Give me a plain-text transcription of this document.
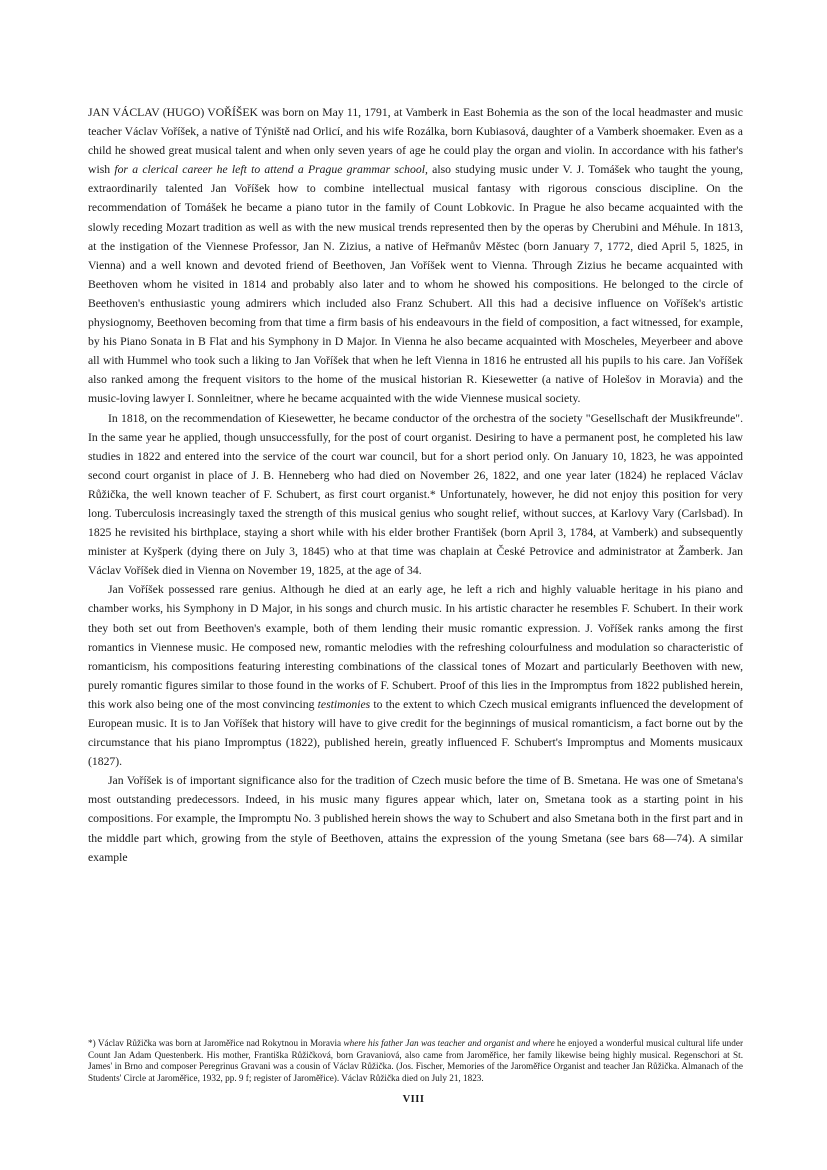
JAN VÁCLAV (HUGO) VOŘÍŠEK was born on May 11, 1791, at Vamberk in East Bohemia as the son of the local headmaster and music teacher Václav Voříšek, a native of Týniště nad Orlicí, and his wife Rozálka, born Kubiasová, daughter of a Vamberk shoemaker. Even as a child he showed great musical talent and when only seven years of age he could play the organ and violin. In accordance with his father's wish for a clerical career he left to attend a Prague grammar school, also studying music under V. J. Tomášek who taught the young, extraordinarily talented Jan Voříšek how to combine intellectual musical fantasy with rigorous conscious discipline. On the recommendation of Tomášek he became a piano tutor in the family of Count Lobkovic. In Prague he also became acquainted with the slowly receding Mozart tradition as well as with the new musical trends represented then by the operas by Cherubini and Méhule. In 1813, at the instigation of the Viennese Professor, Jan N. Zizius, a native of Heřmanův Městec (born January 7, 1772, died April 5, 1825, in Vienna) and a well known and devoted friend of Beethoven, Jan Voříšek went to Vienna. Through Zizius he became acquainted with Beethoven whom he visited in 1814 and probably also later and to whom he showed his compositions. He belonged to the circle of Beethoven's enthusiastic young admirers which included also Franz Schubert. All this had a decisive influence on Voříšek's artistic physiognomy, Beethoven becoming from that time a firm basis of his endeavours in the field of composition, a fact witnessed, for example, by his Piano Sonata in B Flat and his Symphony in D Major. In Vienna he also became acquainted with Moscheles, Meyerbeer and above all with Hummel who took such a liking to Jan Voříšek that when he left Vienna in 1816 he entrusted all his pupils to his care. Jan Voříšek also ranked among the frequent visitors to the home of the musical historian R. Kiesewetter (a native of Holešov in Moravia) and the music-loving lawyer I. Sonnleitner, where he became acquainted with the wide Viennese musical society.

In 1818, on the recommendation of Kiesewetter, he became conductor of the orchestra of the society "Gesellschaft der Musikfreunde". In the same year he applied, though unsuccessfully, for the post of court organist. Desiring to have a permanent post, he completed his law studies in 1822 and entered into the service of the court war council, but for a short period only. On January 10, 1823, he was appointed second court organist in place of J. B. Henneberg who had died on November 26, 1822, and one year later (1824) he replaced Václav Růžička, the well known teacher of F. Schubert, as first court organist.* Unfortunately, however, he did not enjoy this position for very long. Tuberculosis increasingly taxed the strength of this musical genius who sought relief, without succes, at Karlovy Vary (Carlsbad). In 1825 he revisited his birthplace, staying a short while with his elder brother František (born April 3, 1784, at Vamberk) and subsequently minister at Kyšperk (dying there on July 3, 1845) who at that time was chaplain at České Petrovice and administrator at Žamberk. Jan Václav Voříšek died in Vienna on November 19, 1825, at the age of 34.

Jan Voříšek possessed rare genius. Although he died at an early age, he left a rich and highly valuable heritage in his piano and chamber works, his Symphony in D Major, in his songs and church music. In his artistic character he resembles F. Schubert. In their work they both set out from Beethoven's example, both of them lending their music romantic expression. J. Voříšek ranks among the first romantics in Viennese music. He composed new, romantic melodies with the refreshing colourfulness and modulation so characteristic of romanticism, his compositions featuring interesting combinations of the classical tones of Mozart and particularly Beethoven with new, purely romantic figures similar to those found in the works of F. Schubert. Proof of this lies in the Impromptus from 1822 published herein, this work also being one of the most convincing testimonies to the extent to which Czech musical emigrants influenced the development of European music. It is to Jan Voříšek that history will have to give credit for the beginnings of musical romanticism, a fact borne out by the circumstance that his piano Impromptus (1822), published herein, greatly influenced F. Schubert's Impromptus and Moments musicaux (1827).

Jan Voříšek is of important significance also for the tradition of Czech music before the time of B. Smetana. He was one of Smetana's most outstanding predecessors. Indeed, in his music many figures appear which, later on, Smetana took as a starting point in his compositions. For example, the Impromptu No. 3 published herein shows the way to Schubert and also Smetana both in the first part and in the middle part which, growing from the style of Beethoven, attains the expression of the young Smetana (see bars 68—74). A similar example

*) Václav Růžička was born at Jaroměřice nad Rokytnou in Moravia where his father Jan was teacher and organist and where he enjoyed a wonderful musical cultural life under Count Jan Adam Questenberk. His mother, Františka Růžičková, born Gravaniová, also came from Jaroměřice, her family likewise being highly musical. Regenschori at St. James' in Brno and composer Peregrinus Gravani was a cousin of Václav Růžička. (Jos. Fischer, Memories of the Jaroměřice Organist and teacher Jan Růžička. Almanach of the Students' Circle at Jaroměřice, 1932, pp. 9 f; register of Jaroměřice). Václav Růžička died on July 21, 1823.

VIII
